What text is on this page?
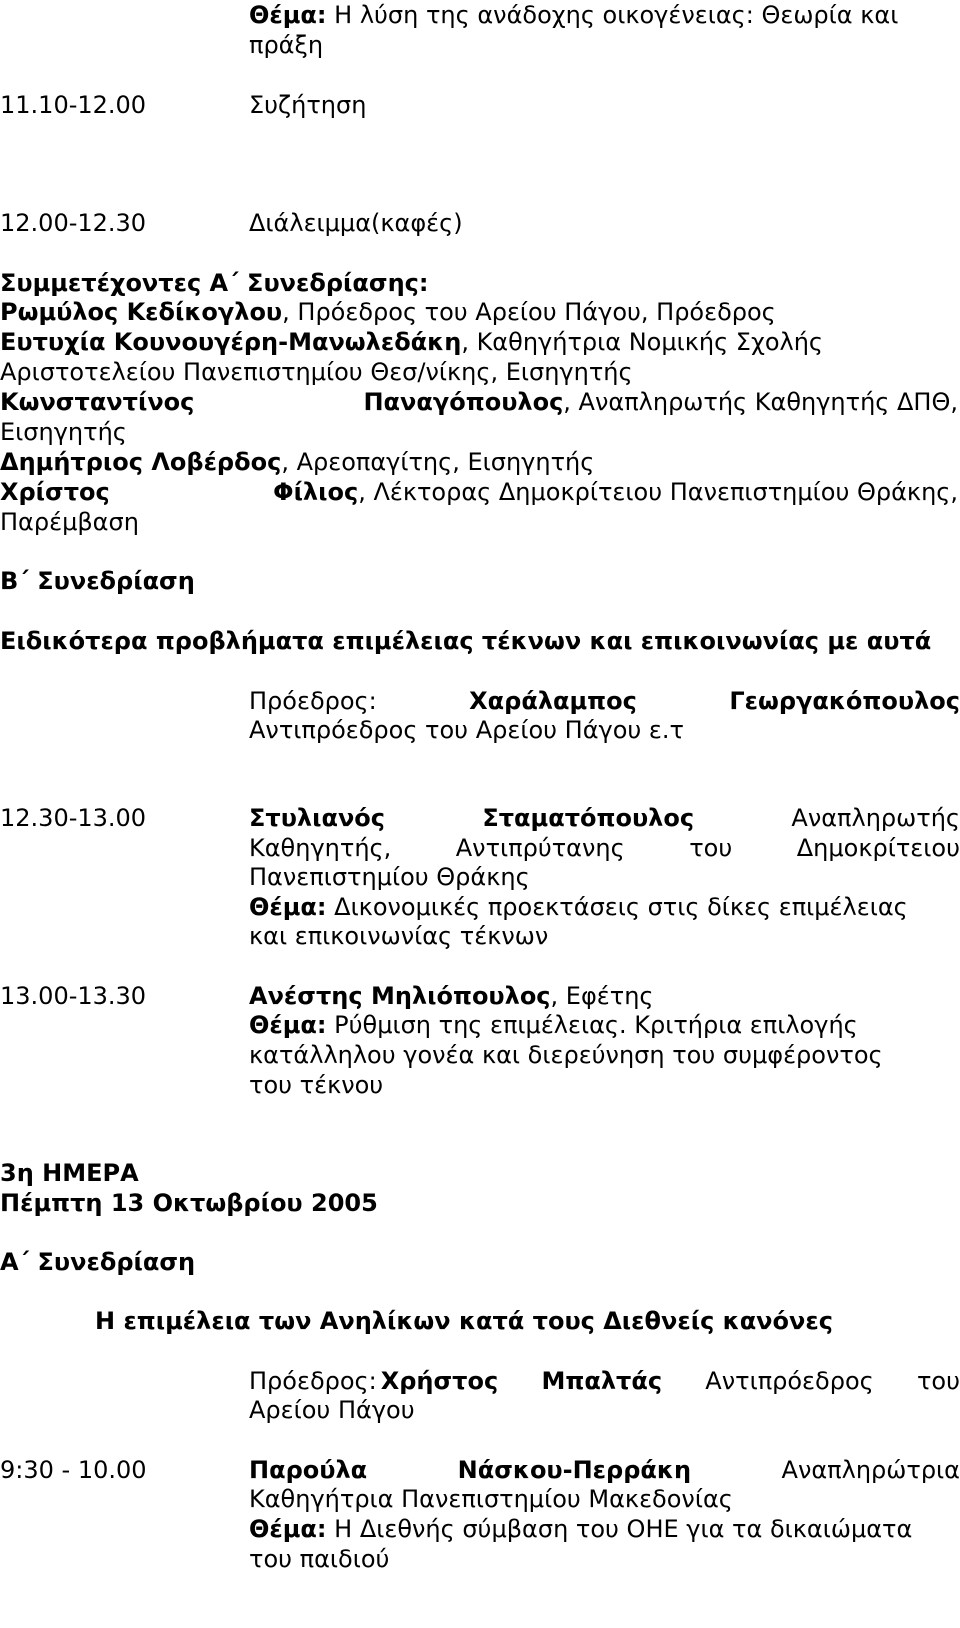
Θέμα: Η λύση της ανάδοχης οικογένειας: Θεωρία και
πράξη
11.10-12.00	Συζήτηση
12.00-12.30	Διάλειμμα(καφές)
Συμμετέχοντες Α΄ Συνεδρίασης:
Ρωμύλος Κεδίκογλου, Πρόεδρος του Αρείου Πάγου, Πρόεδρος
Ευτυχία Κουνουγέρη-Μανωλεδάκη, Καθηγήτρια Νομικής Σχολής
Αριστοτελείου Πανεπιστημίου Θεσ/νίκης, Εισηγητής
Κωνσταντίνος	Παναγόπουλος, Αναπληρωτής Καθηγητής ΔΠΘ,
Εισηγητής
Δημήτριος Λοβέρδος, Αρεοπαγίτης, Εισηγητής
Χρίστος	Φίλιος, Λέκτορας Δημοκρίτειου Πανεπιστημίου Θράκης,
Παρέμβαση
Β΄ Συνεδρίαση
Ειδικότερα προβλήματα επιμέλειας τέκνων και επικοινωνίας με αυτά
Πρόεδρος:	Χαράλαμπος	Γεωργακόπουλος
Αντιπρόεδρος του Αρείου Πάγου ε.τ
12.30-13.00	Στυλιανός	Σταματόπουλος	Αναπληρωτής
Καθηγητής,	Αντιπρύτανης	του	Δημοκρίτειου
Πανεπιστημίου Θράκης
Θέμα: Δικονομικές προεκτάσεις στις δίκες επιμέλειας
και επικοινωνίας τέκνων
13.00-13.30	Ανέστης Μηλιόπουλος, Εφέτης
Θέμα: Ρύθμιση της επιμέλειας. Κριτήρια επιλογής
κατάλληλου γονέα και διερεύνηση του συμφέροντος
του τέκνου
3η ΗΜΕΡΑ
Πέμπτη 13 Οκτωβρίου 2005
Α΄ Συνεδρίαση
Η επιμέλεια των Ανηλίκων κατά τους Διεθνείς κανόνες
Πρόεδρος: Χρήστος Μπαλτάς Αντιπρόεδρος του
Αρείου Πάγου
9:30 - 10.00	Παρούλα	Νάσκου-Περράκη	Αναπληρώτρια
Καθηγήτρια Πανεπιστημίου Μακεδονίας
Θέμα: Η Διεθνής σύμβαση του ΟΗΕ για τα δικαιώματα
του παιδιού
